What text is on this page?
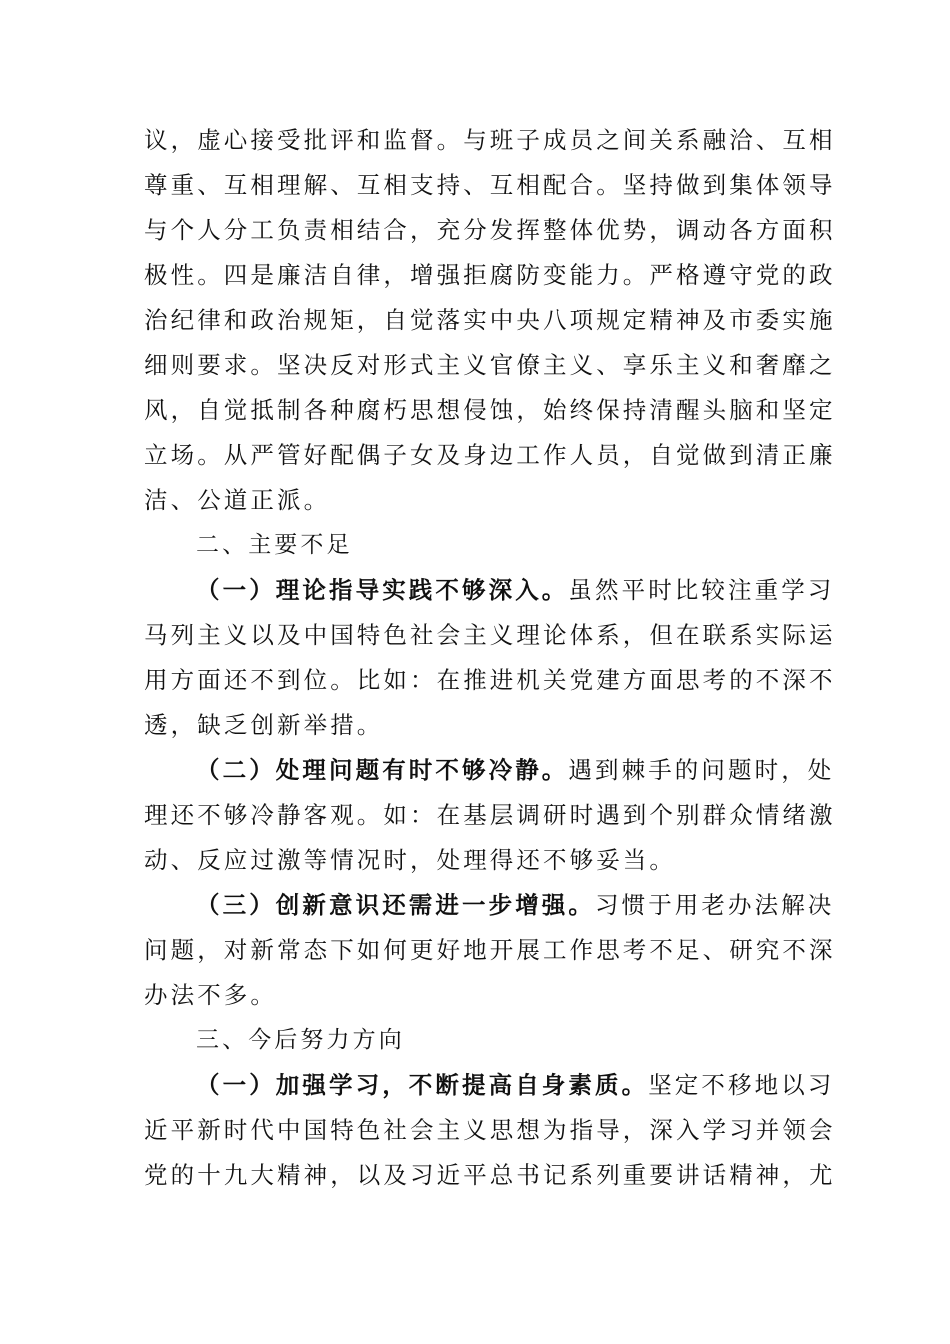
议，虚心接受批评和监督。与班子成员之间关系融洽、互相
尊重、互相理解、互相支持、互相配合。坚持做到集体领导
与个人分工负责相结合，充分发挥整体优势，调动各方面积
极性。四是廉洁自律，增强拒腐防变能力。严格遵守党的政
治纪律和政治规矩，自觉落实中央八项规定精神及市委实施
细则要求。坚决反对形式主义官僚主义、享乐主义和奢靡之
风，自觉抵制各种腐朽思想侵蚀，始终保持清醒头脑和坚定
立场。从严管好配偶子女及身边工作人员，自觉做到清正廉
洁、公道正派。
二、主要不足
（一）理论指导实践不够深入。虽然平时比较注重学习
马列主义以及中国特色社会主义理论体系，但在联系实际运
用方面还不到位。比如：在推进机关党建方面思考的不深不
透，缺乏创新举措。
（二）处理问题有时不够冷静。遇到棘手的问题时，处
理还不够冷静客观。如：在基层调研时遇到个别群众情绪激
动、反应过激等情况时，处理得还不够妥当。
（三）创新意识还需进一步增强。习惯于用老办法解决
问题，对新常态下如何更好地开展工作思考不足、研究不深
办法不多。
三、今后努力方向
（一）加强学习，不断提高自身素质。坚定不移地以习
近平新时代中国特色社会主义思想为指导，深入学习并领会
党的十九大精神，以及习近平总书记系列重要讲话精神，尤
